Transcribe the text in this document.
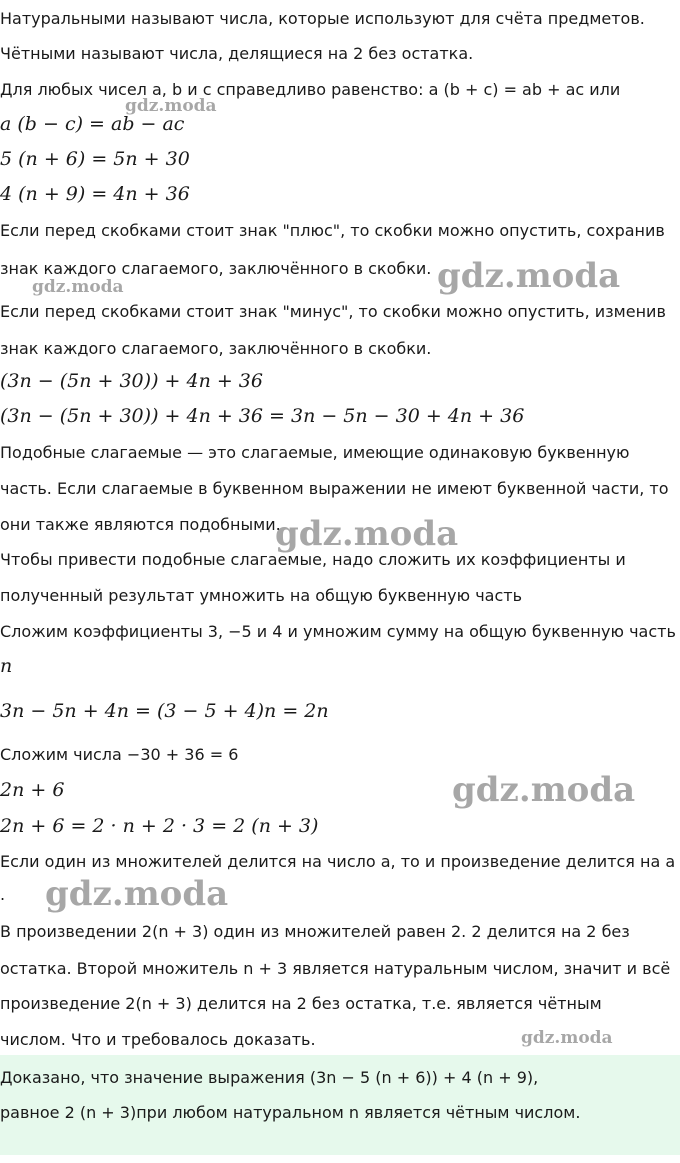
Натуральными называют числа, которые используют для счёта предметов.
Чётными называют числа, делящиеся на 2 без остатка.
Для любых чисел a, b и c справедливо равенство: a (b + c) = ab + ac или
a (b − c) = ab − ac
5 (n + 6) = 5n + 30
4 (n + 9) = 4n + 36
Если перед скобками стоит знак "плюс", то скобки можно опустить, сохранив
знак каждого слагаемого, заключённого в скобки.
Если перед скобками стоит знак "минус", то скобки можно опустить, изменив
знак каждого слагаемого, заключённого в скобки.
(3n − (5n + 30)) + 4n + 36
(3n − (5n + 30)) + 4n + 36 = 3n − 5n − 30 + 4n + 36
Подобные слагаемые — это слагаемые, имеющие одинаковую буквенную
часть. Если слагаемые в буквенном выражении не имеют буквенной части, то
они также являются подобными.
Чтобы привести подобные слагаемые, надо сложить их коэффициенты и
полученный результат умножить на общую буквенную часть
Сложим коэффициенты 3, −5 и 4 и умножим сумму на общую буквенную часть
n
3n − 5n + 4n = (3 − 5 + 4)n = 2n
Сложим числа −30 + 36 = 6
2n + 6
2n + 6 = 2 · n + 2 · 3 = 2 (n + 3)
Если один из множителей делится на число a, то и произведение делится на a
.
В произведении 2(n + 3) один из множителей равен 2. 2 делится на 2 без
остатка. Второй множитель n + 3 является натуральным числом, значит и всё
произведение 2(n + 3) делится на 2 без остатка, т.е. является чётным
числом. Что и требовалось доказать.
Доказано, что значение выражения (3n − 5 (n + 6)) + 4 (n + 9),
равное 2 (n + 3)при любом натуральном n является чётным числом.
gdz.moda
gdz.moda
gdz.moda
gdz.moda
gdz.moda
gdz.moda
gdz.moda
